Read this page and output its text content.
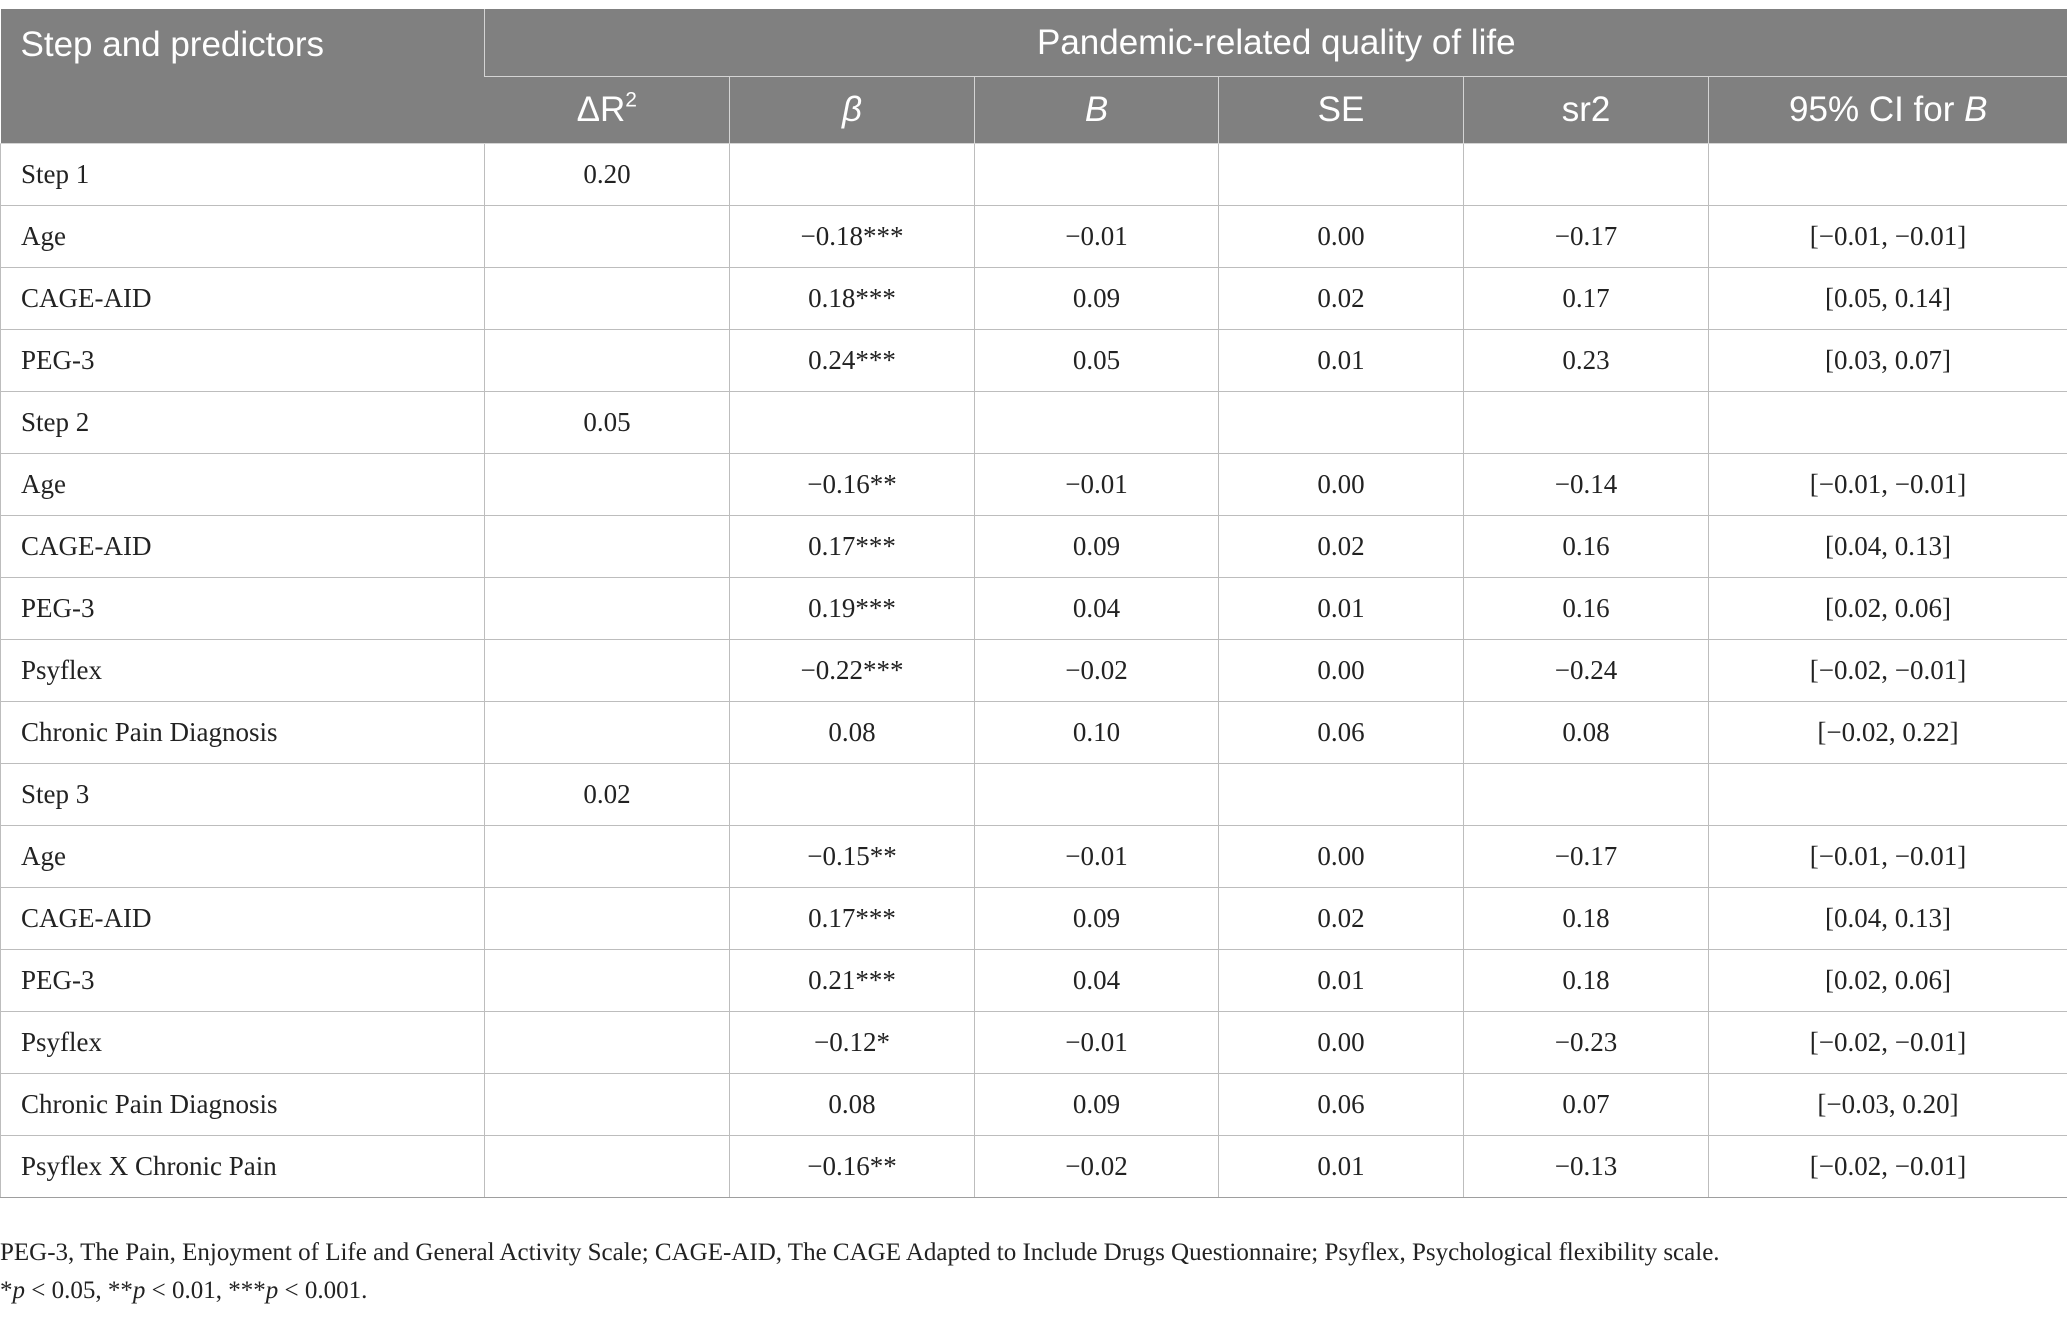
Step and predictors	Pandemic-related quality of life					
	$\Delta R^2$	β	B	SE	sr2	95% CI for B
Step 1	0.20					
Age		−0.18***	−0.01	0.00	−0.17	[−0.01, −0.01]
CAGE-AID		0.18***	0.09	0.02	0.17	[0.05, 0.14]
PEG-3		0.24***	0.05	0.01	0.23	[0.03, 0.07]
Step 2	0.05					
Age		−0.16**	−0.01	0.00	−0.14	[−0.01, −0.01]
CAGE-AID		0.17***	0.09	0.02	0.16	[0.04, 0.13]
PEG-3		0.19***	0.04	0.01	0.16	[0.02, 0.06]
Psyflex		−0.22***	−0.02	0.00	−0.24	[−0.02, −0.01]
Chronic Pain Diagnosis		0.08	0.10	0.06	0.08	[−0.02, 0.22]
Step 3	0.02					
Age		−0.15**	−0.01	0.00	−0.17	[−0.01, −0.01]
CAGE-AID		0.17***	0.09	0.02	0.18	[0.04, 0.13]
PEG-3		0.21***	0.04	0.01	0.18	[0.02, 0.06]
Psyflex		−0.12*	−0.01	0.00	−0.23	[−0.02, −0.01]
Chronic Pain Diagnosis		0.08	0.09	0.06	0.07	[−0.03, 0.20]
Psyflex X Chronic Pain		−0.16**	−0.02	0.01	−0.13	[−0.02, −0.01]
PEG-3, The Pain, Enjoyment of Life and General Activity Scale; CAGE-AID, The CAGE Adapted to Include Drugs Questionnaire; Psyflex, Psychological flexibility scale.
*p < 0.05, **p < 0.01, ***p < 0.001.
